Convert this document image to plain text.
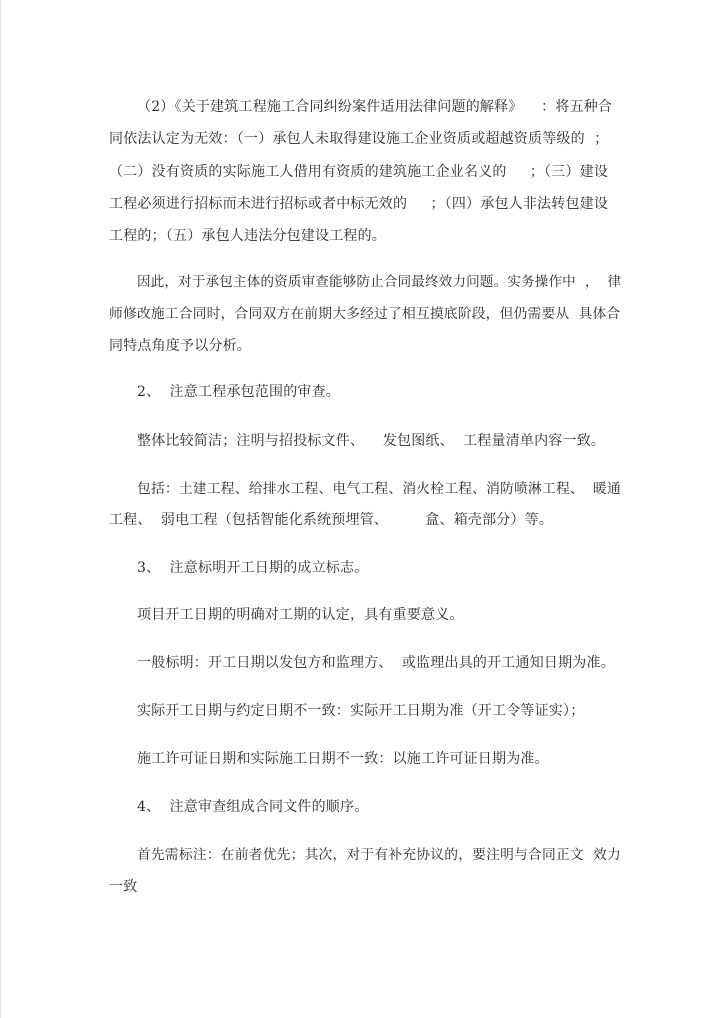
（2）《关于建筑工程施工合同纠纷案件适用法律问题的解释》    ：将五种合
同依法认定为无效：（一）承包人未取得建设施工企业资质或超越资质等级的  ；
（二）没有资质的实际施工人借用有资质的建筑施工企业名义的     ；（三）建设
工程必须进行招标而未进行招标或者中标无效的     ；（四）承包人非法转包建设
工程的；（五）承包人违法分包建设工程的。
因此，对于承包主体的资质审查能够防止合同最终效力问题。实务操作中  ，  律
师修改施工合同时，合同双方在前期大多经过了相互摸底阶段，但仍需要从  具体合
同特点角度予以分析。
2、  注意工程承包范围的审查。
整体比较简洁；注明与招投标文件、    发包图纸、  工程量清单内容一致。
包括：土建工程、给排水工程、电气工程、消火栓工程、消防喷淋工程、  暖通
工程、  弱电工程（包括智能化系统预埋管、        盒、箱壳部分）等。
3、  注意标明开工日期的成立标志。
项目开工日期的明确对工期的认定，具有重要意义。
一般标明：开工日期以发包方和监理方、  或监理出具的开工通知日期为准。
实际开工日期与约定日期不一致：实际开工日期为准（开工令等证实）；
施工许可证日期和实际施工日期不一致：以施工许可证日期为准。
4、  注意审查组成合同文件的顺序。
首先需标注：在前者优先；其次，对于有补充协议的，要注明与合同正文  效力
一致
